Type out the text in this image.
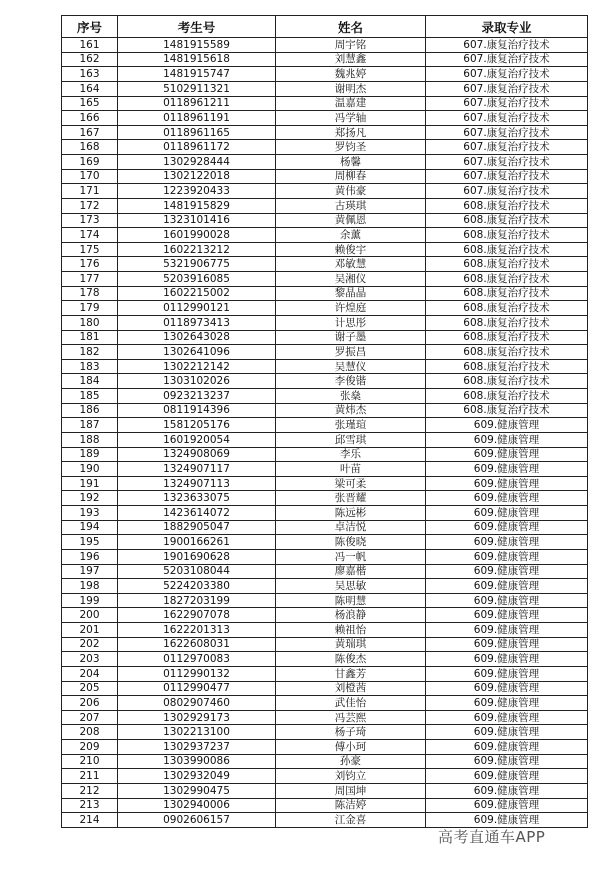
序号	考生号	姓名	录取专业
161	1481915589	周宇铭	607.康复治疗技术
162	1481915618	刘慧鑫	607.康复治疗技术
163	1481915747	魏兆婷	607.康复治疗技术
164	5102911321	谢明杰	607.康复治疗技术
165	0118961211	温嘉建	607.康复治疗技术
166	0118961191	冯学轴	607.康复治疗技术
167	0118961165	郑扬凡	607.康复治疗技术
168	0118961172	罗钧圣	607.康复治疗技术
169	1302928444	杨馨	607.康复治疗技术
170	1302122018	周柳春	607.康复治疗技术
171	1223920433	黄伟豪	607.康复治疗技术
172	1481915829	古瑛琪	608.康复治疗技术
173	1323101416	黄佩恩	608.康复治疗技术
174	1601990028	余薰	608.康复治疗技术
175	1602213212	赖俊宇	608.康复治疗技术
176	5321906775	邓敏慧	608.康复治疗技术
177	5203916085	吴湘仪	608.康复治疗技术
178	1602215002	黎晶晶	608.康复治疗技术
179	0112990121	许煌庭	608.康复治疗技术
180	0118973413	计思彤	608.康复治疗技术
181	1302643028	谢子墨	608.康复治疗技术
182	1302641096	罗振昌	608.康复治疗技术
183	1302212142	吴慧仪	608.康复治疗技术
184	1303102026	李俊锴	608.康复治疗技术
185	0923213237	张燊	608.康复治疗技术
186	0811914396	黄炜杰	608.康复治疗技术
187	1581205176	张瑾瑄	609.健康管理
188	1601920054	邱雪琪	609.健康管理
189	1324908069	李乐	609.健康管理
190	1324907117	叶苗	609.健康管理
191	1324907113	梁可柔	609.健康管理
192	1323633075	张晋耀	609.健康管理
193	1423614072	陈远彬	609.健康管理
194	1882905047	卓洁悦	609.健康管理
195	1900166261	陈俊晓	609.健康管理
196	1901690628	冯一帆	609.健康管理
197	5203108044	廖嘉楷	609.健康管理
198	5224203380	吴思敏	609.健康管理
199	1827203199	陈明慧	609.健康管理
200	1622907078	杨浪静	609.健康管理
201	1622201313	赖祖怡	609.健康管理
202	1622608031	黄瑞琪	609.健康管理
203	0112970083	陈俊杰	609.健康管理
204	0112990132	甘鑫芳	609.健康管理
205	0112990477	刘橙茜	609.健康管理
206	0802907460	武佳怡	609.健康管理
207	1302929173	冯芸熙	609.健康管理
208	1302213100	杨子琦	609.健康管理
209	1302937237	傅小珂	609.健康管理
210	1303990086	孙豪	609.健康管理
211	1302932049	刘钧立	609.健康管理
212	1302990475	周国坤	609.健康管理
213	1302940006	陈洁婷	609.健康管理
214	0902606157	江金喜	609.健康管理
高考直通车APP
